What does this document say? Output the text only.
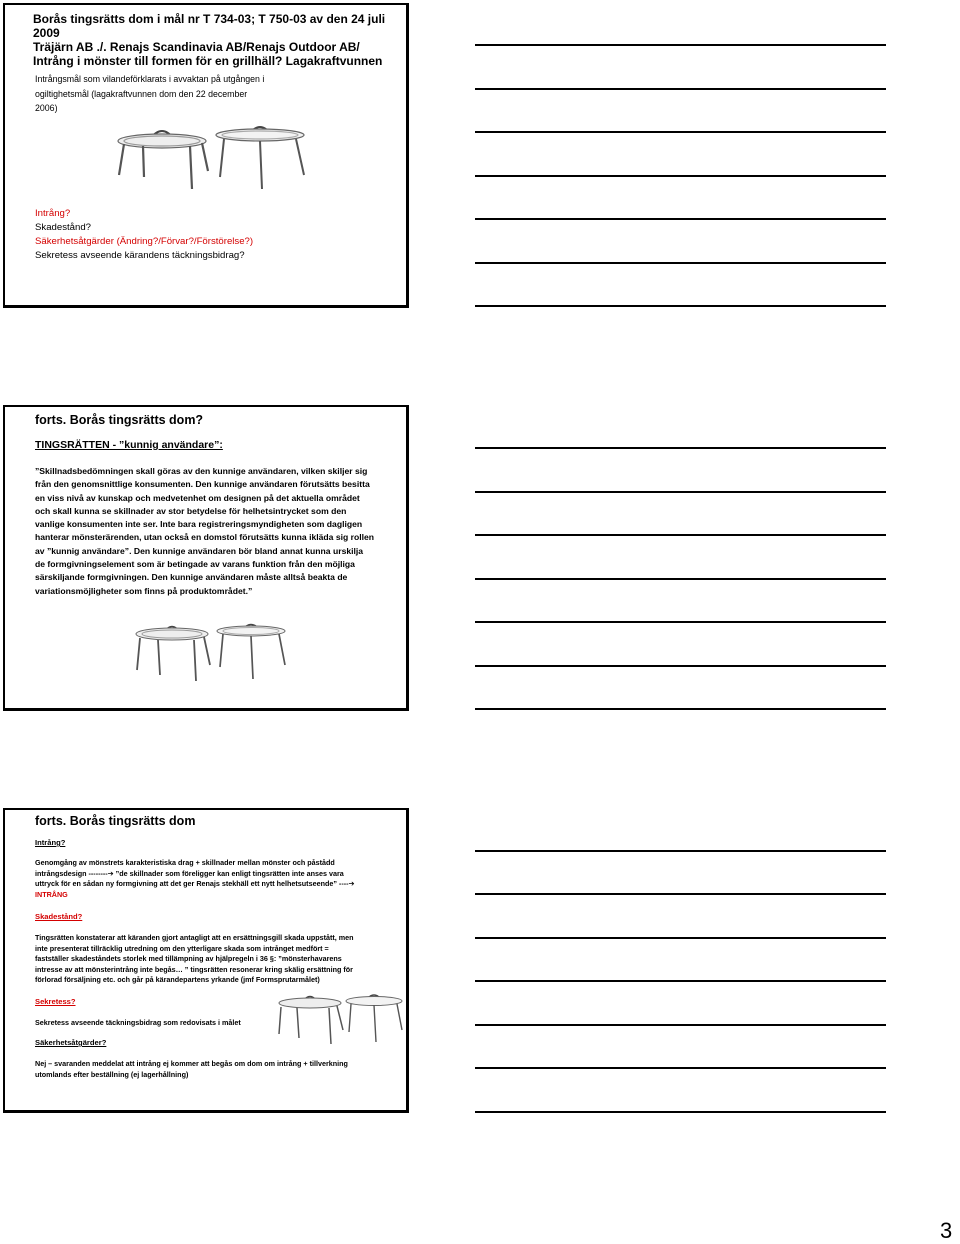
Borås tingsrätts dom i mål nr T 734-03; T 750-03 av den 24 juli 2009
Träjärn AB ./. Renajs Scandinavia AB/Renajs Outdoor AB/
Intrång i mönster till formen för en grillhäll? Lagakraftvunnen
Intrångsmål som vilandeförklarats i avvaktan på utgången i
ogiltighetsmål (lagakraftvunnen dom den 22 december
2006)
Intrång?
Skadestånd?
Säkerhetsåtgärder (Ändring?/Förvar?/Förstörelse?)
Sekretess avseende kärandens täckningsbidrag?
forts. Borås tingsrätts dom?
TINGSRÄTTEN - ”kunnig användare”:
”Skillnadsbedömningen skall göras av den kunnige användaren, vilken skiljer sig
från den genomsnittlige konsumenten. Den kunnige användaren förutsätts besitta
en viss nivå av kunskap och medvetenhet om designen på det aktuella området
och skall kunna se skillnader av stor betydelse för helhetsintrycket som den
vanlige konsumenten inte ser. Inte bara registreringsmyndigheten som dagligen
hanterar mönsterärenden, utan också en domstol förutsätts kunna ikläda sig rollen
av ”kunnig användare”. Den kunnige användaren bör bland annat kunna urskilja
de formgivningselement som är betingade av varans funktion från den möjliga
särskiljande formgivningen. Den kunnige användaren måste alltså beakta de
variationsmöjligheter som finns på produktområdet.”
forts. Borås tingsrätts dom
Intrång?
Genomgång av mönstrets karakteristiska drag + skillnader mellan mönster och påstådd
intrångsdesign --------➔ ”de skillnader som föreligger kan enligt tingsrätten inte anses vara
uttryck för en sådan ny formgivning att det ger Renajs stekhäll ett nytt helhetsutseende” ----➔
INTRÅNG
Skadestånd?
Tingsrätten konstaterar att käranden gjort antagligt att en ersättningsgill skada uppstått, men
inte presenterat tillräcklig utredning om den ytterligare skada som intrånget medfört =
fastställer skadeståndets storlek med tillämpning av hjälpregeln i 36 §: ”mönsterhavarens
intresse av att mönsterintrång inte begås… ” tingsrätten resonerar kring skälig ersättning för
förlorad försäljning etc. och går på kärandepartens yrkande (jmf Formsprutarmålet)
Sekretess?
Sekretess avseende täckningsbidrag som redovisats i målet
Säkerhetsåtgärder?
Nej – svaranden meddelat att intrång ej kommer att begås om dom om intrång + tillverkning
utomlands efter beställning (ej lagerhållning)
3
